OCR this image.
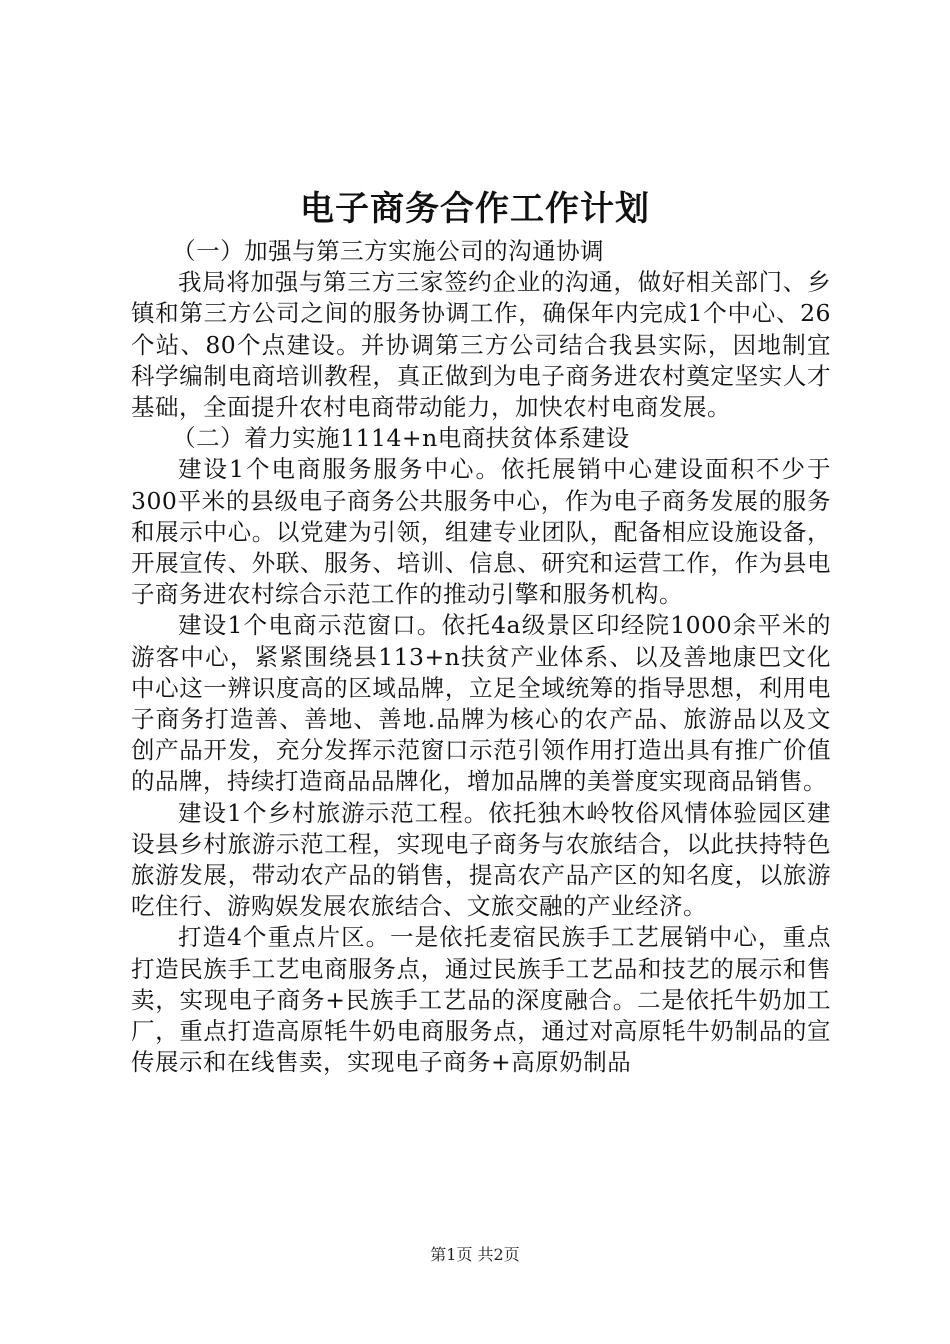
电子商务合作工作计划

（一）加强与第三方实施公司的沟通协调

我局将加强与第三方三家签约企业的沟通，做好相关部门、乡镇和第三方公司之间的服务协调工作，确保年内完成1个中心、26个站、80个点建设。并协调第三方公司结合我县实际，因地制宜科学编制电商培训教程，真正做到为电子商务进农村奠定坚实人才基础，全面提升农村电商带动能力，加快农村电商发展。

（二）着力实施1114+n电商扶贫体系建设

建设1个电商服务服务中心。依托展销中心建设面积不少于300平米的县级电子商务公共服务中心，作为电子商务发展的服务和展示中心。以党建为引领，组建专业团队，配备相应设施设备，开展宣传、外联、服务、培训、信息、研究和运营工作，作为县电子商务进农村综合示范工作的推动引擎和服务机构。

建设1个电商示范窗口。依托4a级景区印经院1000余平米的游客中心，紧紧围绕县113+n扶贫产业体系、以及善地康巴文化中心这一辨识度高的区域品牌，立足全域统筹的指导思想，利用电子商务打造善、善地、善地.品牌为核心的农产品、旅游品以及文创产品开发，充分发挥示范窗口示范引领作用打造出具有推广价值的品牌，持续打造商品品牌化，增加品牌的美誉度实现商品销售。

建设1个乡村旅游示范工程。依托独木岭牧俗风情体验园区建设县乡村旅游示范工程，实现电子商务与农旅结合，以此扶持特色旅游发展，带动农产品的销售，提高农产品产区的知名度，以旅游吃住行、游购娱发展农旅结合、文旅交融的产业经济。

打造4个重点片区。一是依托麦宿民族手工艺展销中心，重点打造民族手工艺电商服务点，通过民族手工艺品和技艺的展示和售卖，实现电子商务+民族手工艺品的深度融合。二是依托牛奶加工厂，重点打造高原牦牛奶电商服务点，通过对高原牦牛奶制品的宣传展示和在线售卖，实现电子商务+高原奶制品

第1页 共2页
